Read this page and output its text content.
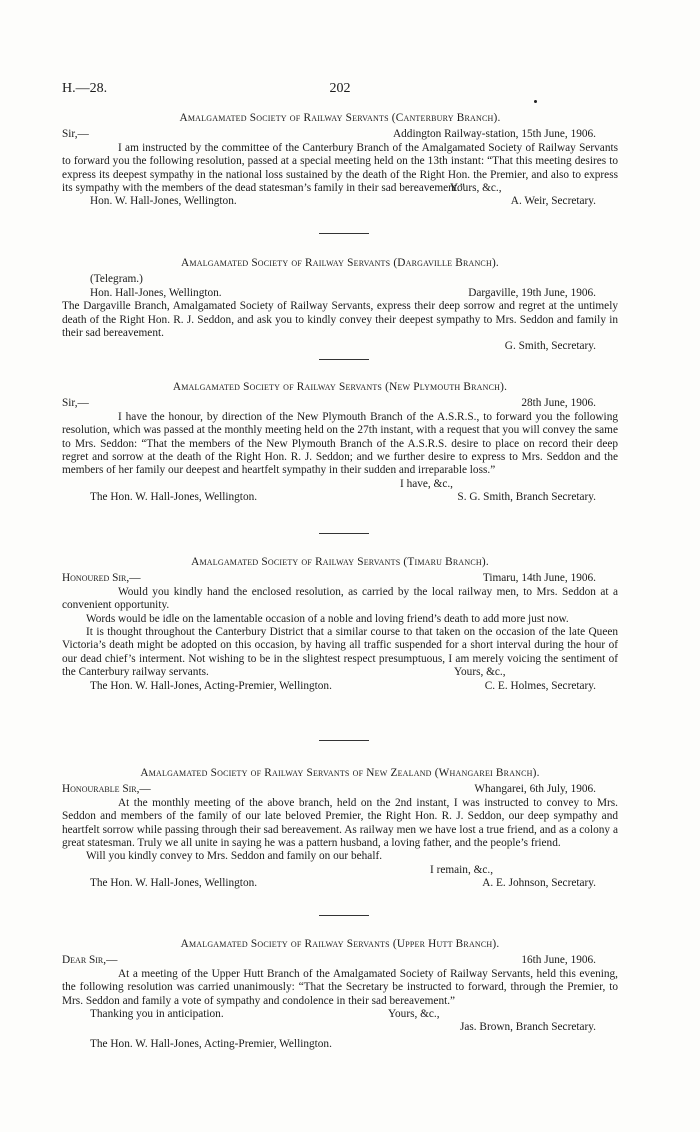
H.—28.	202
Amalgamated Society of Railway Servants (Canterbury Branch).
Sir,—	Addington Railway-station, 15th June, 1906.

I am instructed by the committee of the Canterbury Branch of the Amalgamated Society of Railway Servants to forward you the following resolution, passed at a special meeting held on the 13th instant: “That this meeting desires to express its deepest sympathy in the national loss sustained by the death of the Right Hon. the Premier, and also to express its sympathy with the members of the dead statesman’s family in their sad bereavement.”

Yours, &c.,
Hon. W. Hall-Jones, Wellington.	A. Weir, Secretary.
Amalgamated Society of Railway Servants (Dargaville Branch).
(Telegram.)
Hon. Hall-Jones, Wellington.	Dargaville, 19th June, 1906.

The Dargaville Branch, Amalgamated Society of Railway Servants, express their deep sorrow and regret at the untimely death of the Right Hon. R. J. Seddon, and ask you to kindly convey their deepest sympathy to Mrs. Seddon and family in their sad bereavement.

G. Smith, Secretary.
Amalgamated Society of Railway Servants (New Plymouth Branch).
Sir,—	28th June, 1906.

I have the honour, by direction of the New Plymouth Branch of the A.S.R.S., to forward you the following resolution, which was passed at the monthly meeting held on the 27th instant, with a request that you will convey the same to Mrs. Seddon: “That the members of the New Plymouth Branch of the A.S.R.S. desire to place on record their deep regret and sorrow at the death of the Right Hon. R. J. Seddon; and we further desire to express to Mrs. Seddon and the members of her family our deepest and heartfelt sympathy in their sudden and irreparable loss.”

I have, &c.,
The Hon. W. Hall-Jones, Wellington.	S. G. Smith, Branch Secretary.
Amalgamated Society of Railway Servants (Timaru Branch).
Honoured Sir,—	Timaru, 14th June, 1906.

Would you kindly hand the enclosed resolution, as carried by the local railway men, to Mrs. Seddon at a convenient opportunity.

Words would be idle on the lamentable occasion of a noble and loving friend’s death to add more just now.

It is thought throughout the Canterbury District that a similar course to that taken on the occasion of the late Queen Victoria’s death might be adopted on this occasion, by having all traffic suspended for a short interval during the hour of our dead chief’s interment. Not wishing to be in the slightest respect presumptuous, I am merely voicing the sentiment of the Canterbury railway servants.	Yours, &c.,
The Hon. W. Hall-Jones, Acting-Premier, Wellington.	C. E. Holmes, Secretary.
Amalgamated Society of Railway Servants of New Zealand (Whangarei Branch).
Honourable Sir,—	Whangarei, 6th July, 1906.

At the monthly meeting of the above branch, held on the 2nd instant, I was instructed to convey to Mrs. Seddon and members of the family of our late beloved Premier, the Right Hon. R. J. Seddon, our deep sympathy and heartfelt sorrow while passing through their sad bereavement. As railway men we have lost a true friend, and as a colony a great statesman. Truly we all unite in saying he was a pattern husband, a loving father, and the people’s friend.

Will you kindly convey to Mrs. Seddon and family on our behalf.

I remain, &c.,
The Hon. W. Hall-Jones, Wellington.	A. E. Johnson, Secretary.
Amalgamated Society of Railway Servants (Upper Hutt Branch).
Dear Sir,—	16th June, 1906.

At a meeting of the Upper Hutt Branch of the Amalgamated Society of Railway Servants, held this evening, the following resolution was carried unanimously: “That the Secretary be instructed to forward, through the Premier, to Mrs. Seddon and family a vote of sympathy and condolence in their sad bereavement.”

Thanking you in anticipation.	Yours, &c.,
Jas. Brown, Branch Secretary.
The Hon. W. Hall-Jones, Acting-Premier, Wellington.
